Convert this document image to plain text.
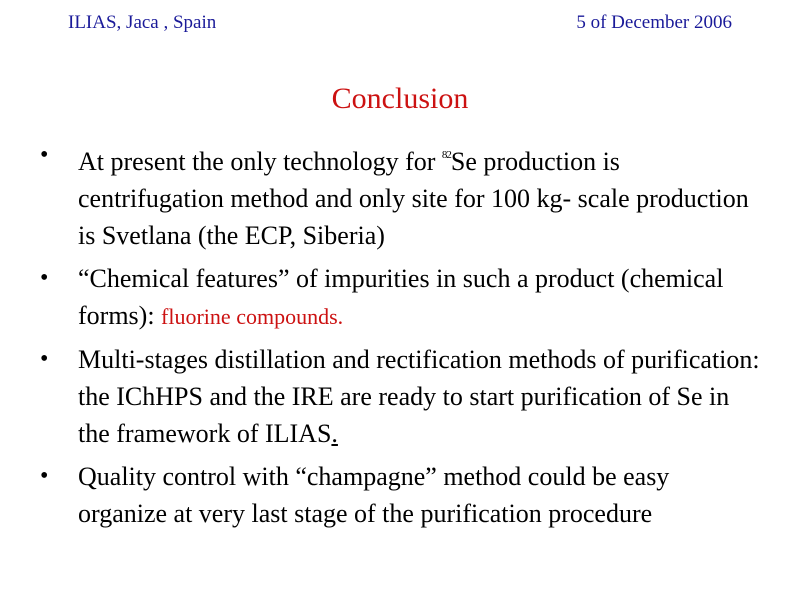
ILIAS, Jaca , Spain	5 of December 2006
Conclusion
• At present the only technology for $^{82}$Se production is centrifugation method and only site for 100 kg- scale production is Svetlana (the ECP, Siberia)
• “Chemical features” of impurities in such a product (chemical forms): fluorine compounds.
• Multi-stages distillation and rectification methods of purification: the IChHPS and the IRE are ready to start purification of Se in the framework of ILIAS.
• Quality control with “champagne” method could be easy organize at very last stage of the purification procedure
